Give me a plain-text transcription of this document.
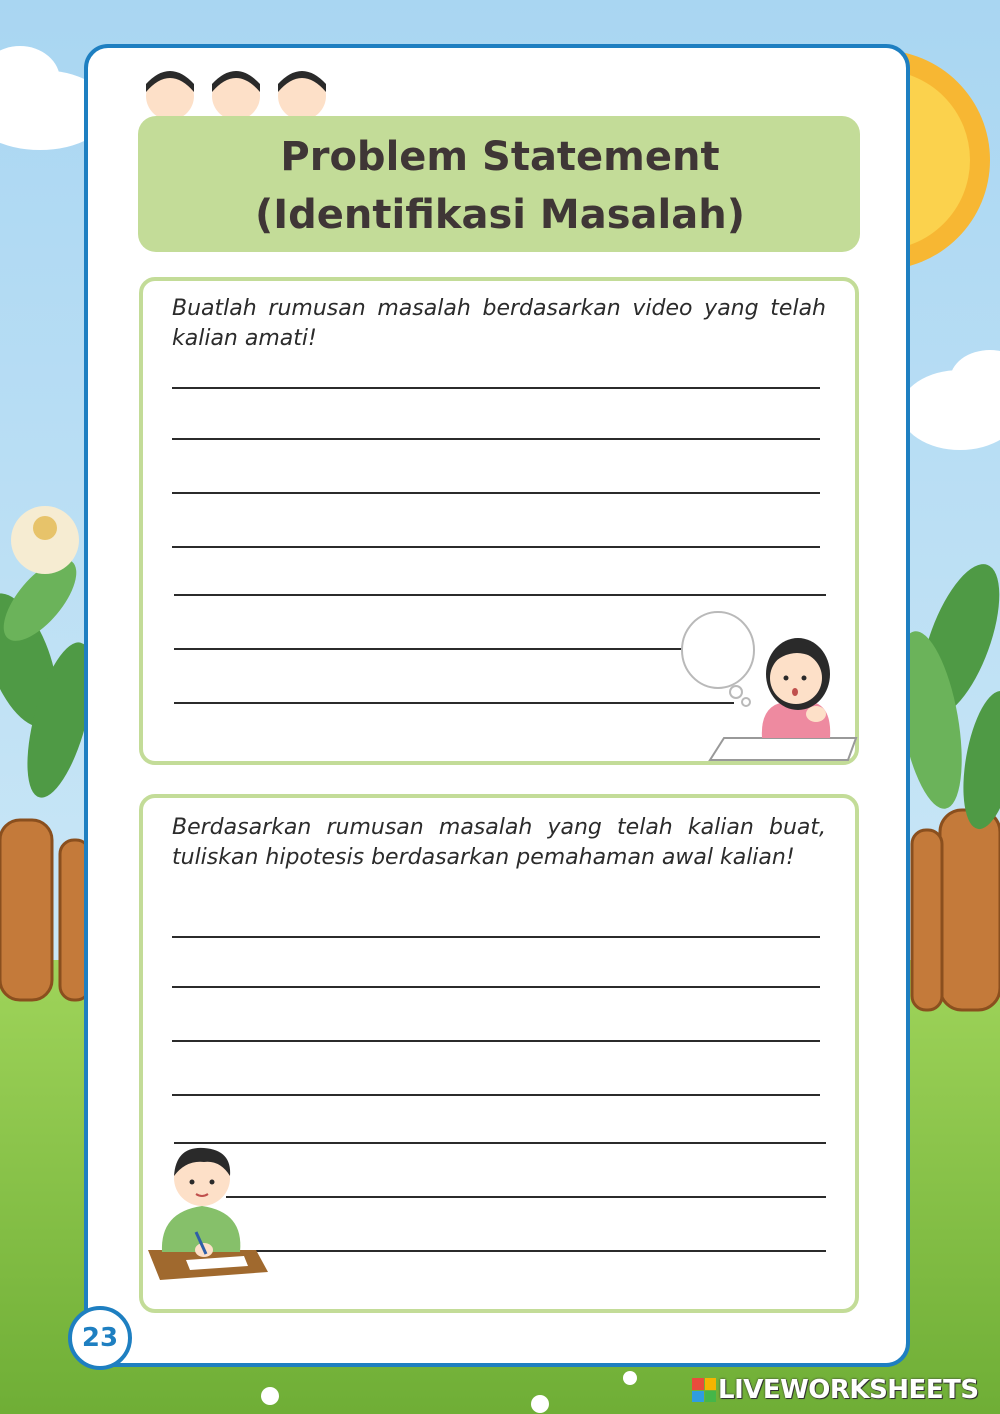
Problem Statement
(Identifikasi Masalah)
Buatlah rumusan masalah berdasarkan video yang telah kalian amati!
Berdasarkan rumusan masalah yang telah kalian buat, tuliskan hipotesis berdasarkan pemahaman awal kalian!
23
LIVEWORKSHEETS
